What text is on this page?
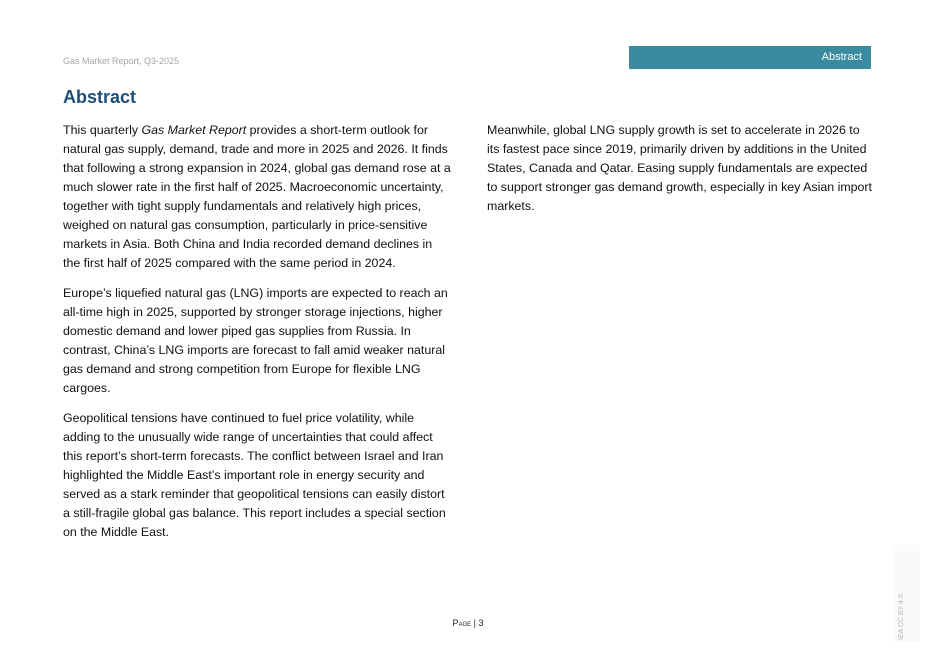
Gas Market Report, Q3-2025	Abstract
Abstract

This quarterly Gas Market Report provides a short-term outlook for natural gas supply, demand, trade and more in 2025 and 2026. It finds that following a strong expansion in 2024, global gas demand rose at a much slower rate in the first half of 2025. Macroeconomic uncertainty, together with tight supply fundamentals and relatively high prices, weighed on natural gas consumption, particularly in price-sensitive markets in Asia. Both China and India recorded demand declines in the first half of 2025 compared with the same period in 2024.

Europe’s liquefied natural gas (LNG) imports are expected to reach an all-time high in 2025, supported by stronger storage injections, higher domestic demand and lower piped gas supplies from Russia. In contrast, China’s LNG imports are forecast to fall amid weaker natural gas demand and strong competition from Europe for flexible LNG cargoes.

Geopolitical tensions have continued to fuel price volatility, while adding to the unusually wide range of uncertainties that could affect this report’s short-term forecasts. The conflict between Israel and Iran highlighted the Middle East’s important role in energy security and served as a stark reminder that geopolitical tensions can easily distort a still-fragile global gas balance. This report includes a special section on the Middle East.

Meanwhile, global LNG supply growth is set to accelerate in 2026 to its fastest pace since 2019, primarily driven by additions in the United States, Canada and Qatar. Easing supply fundamentals are expected to support stronger gas demand growth, especially in key Asian import markets.

Page | 3	IEA CC BY 4.0.
